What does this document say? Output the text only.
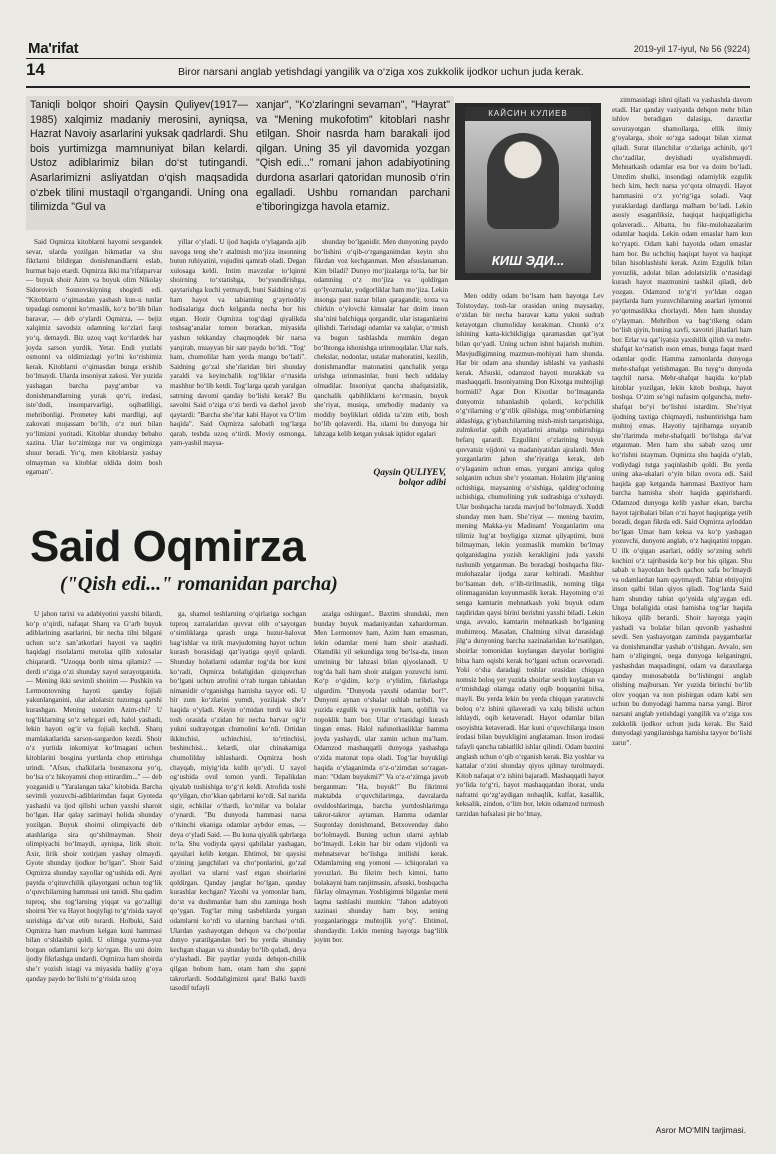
Ma'rifat	2019-yil 17-iyul, № 56 (9224)
14	Biror narsani anglab yetishdagi yangilik va o‘ziga xos zukkolik ijodkor uchun juda kerak.
Taniqli bolqor shoiri Qaysin Quliyev(1917—1985) xalqimiz madaniy merosini, ayniqsa, Hazrat Navoiy asarlarini yuksak qadrlardi. Shu bois yurtimizga mamnuniyat bilan kelardi. Ustoz adiblarimiz bilan do‘st tutingandi. Asarlarimizni asliyatdan o‘qish maqsadida o‘zbek tilini mustaqil o‘rgangandi. Uning ona tilimizda "Gul va
xanjar", "Ko‘zlaringni sevaman", "Hayrat" va "Mening mukofotim" kitoblari nashr etilgan. Shoir nasrda ham barakali ijod qilgan. Uning 35 yil davomida yozgan "Qish edi..." romani jahon adabiyotining durdona asarlari qatoridan munosib o‘rin egalladi. Ushbu romandan parchani e’tiboringizga havola etamiz.
КАЙСИН КУЛИЕВ
КИШ ЭДИ...

Said Oqmirza kitoblarni hayotni sevgandek sevar, ularda yozilgan hikmatlar va shu fikrlarni bildirgan donishmandlarni eslab, hurmat bajo etardi. Oqmirza ikki ma’rifatparvar — buyuk shoir Azim va buyuk olim Nikolay Sidorovich Sosnovskiyning shogirdi edi. "Kitoblarni o‘qimasdan yashash kun-u tunlar tepadagi osmonni ko‘rmaslik, ko‘z bo‘lib bilan baravar, — deb o‘ylardi Oqmirza, — bejiz xalqimiz savodsiz odamning ko‘zlari farqi yo‘q, demaydi. Biz uzoq vaqt ko‘rlardek har joyda sarson yurdik. Yetar. Endi yuzlabi osmonni va oldimizdagi yo‘lni ko‘rishimiz kerak. Kitoblarni o‘qimasdan bunga erishib bo‘lmaydi. Ularda insoniyat zakosi. Yer yuzida yashagan barcha payg‘ambar va donishmandlarning yurak qo‘ri, iredasi, iste’dodi, insonparvarligi, oqibatliligi, mehribonligi. Prometey kabi mardligi, aql zakovati mujassam bo‘lib, o‘z nuri bilan yo‘limizni yoritadi. Kitoblar shunday bebaho xazina. Ular ko‘zimizga nur va ongimizga shuur beradi. Yo‘q, men kitoblarsiz yashay olmayman va kitoblar oldida doim bosh egaman".

yillar o‘yladi. U ijod haqida o‘ylaganda ajib navoga teng she’r atalmish mo‘jiza insonning butun ruhiyatini, vujudini qamrab oladi. Degan xulosaga keldi. Intim mavzular to‘lqinni shoirning to‘xtatishga, bo‘ysundirishga, qaytarishga kuchi yetmaydi, buni Saidning o‘zi ham hayot va tabiatning g‘ayrioddiy hodisalariga duch kelganda necha bor his etgan. Hozir Oqmirza tog‘dagi qiyalikda toshsag‘analar tomon borarkan, miyasida yashun tekkanday chaqmoqdek bir narsa yarqirab, muayyan bir satr paydo bo‘ldi. "Tog‘ ham, chumolilar ham yerda mangu bo‘ladi". Saidning go‘zal she’rlaridan biri shunday yaraldi va keyinchalik tog‘liklar o‘rtasida mashhur bo‘lib ketdi. Tog‘larga qarab yaralgan satrning davomi qanday bo‘lishi kerak? Bu savolni Said o‘ziga o‘zi berdi va darhol javob qaytardi: "Barcha she’rlar kabi Hayot va O‘lim haqida". Said Oqmirza salobatli tog‘larga qarab, teshda uzoq o‘tirdi. Moviy osmonga, yam-yashil maysa-

shunday bo‘lganidir. Men dunyoning paydo bo‘lishini o‘qib-o‘rganganimdan keyin shu fikrdan voz kechganman. Men afsuslanaman. Kim biladi? Dunyo mo‘jizalarga to‘la, har bir odamning o‘z mo‘jiza va qoldirgan qo‘lyozmalar, yodgorliklar ham mo‘jiza. Lekin insonga past nazar bilan qaragandir, toxta va chirkin o‘ylovchi kimsalar har doim inson sha’nini balchiqqa qorgandir, ular istaganlarini qilishdi. Tarixdagi odamlar va xalqlar, o‘tmish va bugun tashlashda mumkin degan bo‘lhtonga ishonishga urinmoqdalar. Ular nafs, chekslar, nodonlar, ustalar mahoratini, kezilib, donishmandlar matonatini qanchalik yerga urishga urinmasinlar, buni hech uddalay olmadilar. Insoniyat qancha shafqatsizlik, qanchalik qabihliklarni ko‘rmasin, buyuk she’riyat, musiqa, umrbodiy madaniy va moddiy boyliklari oldida ta’zim etib, bosh bo‘lib qolaverdi. Ha, ularni bu dunyoga bir lahzaga kelib ketgan yuksak iqtidor egalari

Qaysin QULIYEV,
bolqor adibi
Said Oqmirza
("Qish edi..." romanidan parcha)

U jahon tarixi va adabiyotini yaxshi bilardi, ko‘p o‘qirdi, nafaqat Sharq va G‘arb buyuk adiblarining asarlarini, bir necha tilni bilgani uchun so‘z san’atkorlari hayoti va taqdiri haqidagi risolalarni mutolaa qilib xulosalar chiqarardi. "Uzoqqa borib nima qilamiz? — derdi o‘ziga o‘zi shunday xayol surayotganida. — Mening ikki sevimli shoirim — Pushkin va Lermontovning hayoti qanday fojiali yakunlanganini, ular adolatsiz tuzumga qarshi kurashgan. Mening ustozim Azim-chi? U tog‘liklarning so‘z sehrgari edi, halol yashadi, lekin hayoti og‘ir va fojiali kechdi. Sharq mamlakatlarida sarson-sargardon kezdi. Shoir o‘z yurtida inkomiyat ko‘lmagani uchun kitoblarini bosgina yurtlarda chop ettirishga urindi. "Afsus, chalkilarla bosmaxona yo‘q, bo‘lsa o‘z hikoyamni chop ettirardim..." — deb yozganidi u "Yaralangan taka" kitobida. Barcha sevimli yozuvchi-adiblarimdan faqat Gyoteda yashashi va ijod qilishi uchun yaxshi sharoit bo‘lgan. Har qalay sarimayi holida shunday yozilgan. Buyuk shoirni olimpiyachi deb atashlariga sira qo‘shilmayman. Shoir olimpiyachi bo‘lmaydi, ayniqsa, lirik shoir. Axir, lirik shoir xotirjam yashay olmaydi. Gyote shunday ijodkor bo‘lgan". Shoir Said Oqmirza shunday xayollar og‘ushida edi. Ayni paytda o‘qituvchilik qilayotgani uchun tog‘lik o‘quvchilarning hammasi uni tanidi. Shu qadim tuproq, shu tog‘larning yiqqat va go‘zalligi shoirni Yer va Hayot hoqiyligi to‘g‘risida xayol surishiga da’vat etib turardi. Holbuki, Said Oqmirza ham mavhum kelgan kuni hammasi bilan o‘shlashib qoldi. U olimga yuzma-yuz borgan odamlarni ko‘p ko‘rgan. Bu uni doim ijodiy fikrlashga undardi. Oqmirza ham shoirda she’r yozish istagi va miyasida badiiy g‘oya qanday paydo bo‘lishi to‘g‘risida uzoq

ga, shamol teshlarning o‘qirlariga sochgan tuproq zarralaridan quvvat olib o‘sayotgan o‘simliklarga qarash unga huzur-halovat bag‘ishlar va tirik mavjudotning hayot uchun kurash borasidagi qat’iyatiga qoyil qolardi. Shunday holatlarni odamlar tog‘da bor kuni ko‘radi, Oqmirza bolaligidan qiziquvchan bo‘lgani uchun atrofini o‘rab turgan tabiatdan nimanidir o‘rganishga hamisha tayyor edi. U bir zum ko‘zlarini yumdi, yozilajak she’r haqida o‘yladi. Keyin o‘rnidan turdi va ikki tosh orasida o‘zidan bir necha barvar og‘ir yukni sudrayotgan chumolini ko‘rdi. Ortidan ikkinchisi, uchinchisi, to‘rtinchisi, beshinchisi... kelardi, ular chinakamiga chumolilday ishlashardi. Oqmirza bosh chayqab, miyig‘ida kulib qo‘ydi. U xayol og‘ushida ovul tomon yurdi. Tepalikdan qiyalab tushishiga to‘g‘ri keldi. Atrofida toshi qo‘yilgan, cho‘kkan qabrlarni ko‘rdi. Sal narida sigir, echkilar o‘tlardi, ko‘milar va bolalar o‘ynardi. "Bu dunyoda hammasi narsa o‘tkinchi ekaniga odamlar aybdor emas, — deya o‘yladi Said. — Bu kuna qiyalik qabrlarga to‘la. Shu vodiyda qaysi qabilalar yashagan, qaysilari kelib ketgan. Ehtimol, bir qaysisi o‘zining jangchilari va cho‘ponlarini, go‘zal ayollari va ularni vasf etgan shoirlarini qoldirgan. Qanday janglar bo‘lgan, qanday kurashlar kechgan? Yaxshi va yomonlar ham, do‘st va dushmanlar ham shu zaminga bosh qo‘ygan. Tog‘lar ming tasbehlarda yurgan odamlarni ko‘rdi va ularning barchasi o‘tdi. Ulardan yashayotgan dehqon va cho‘ponlar dunyo yaratilgandan beri bu yerda shunday kechgan shagan va shunday bo‘lib qoladi, deya o‘ylashadi. Bir paytlar yuzda dehqon-chilik qilgan bobom ham, otam ham shu gapni takrorlardi. Soddaligimizni qara! Balki baxtli tasodif tufayli

azalga oshirgan!.. Baxtim shundaki, men bunday buyuk madaniyatdan xabardorman. Men Lermontov ham, Azim ham emasman, lekin odamlar meni ham shoir atashadi. Olamdiki yil sekundiga teng bo‘lsa-da, inson umrining bir lahzasi bilan qiyoslanadi. U tog‘da hali ham shoir atalgan yozuvchi ismi. Ko‘p o‘qidim, ko‘p o‘ylidim, fikrlashga ulgurdim. "Dunyoda yaxshi odamlar bor!". Dunyoni aynan o‘shalar ushlab turibdi. Yer yuzida ezgulik va yovuzlik ham, qoliflik va nopoklik ham bor. Ular o‘rtasidagi kurash tingan emas. Halol nafsnotkasliklar hamma joyda yashaydi, ular zamin uchun ma’ham. Odamzod mashaqqatli dunyoga yashashga o‘zida matonat topa oladi. Tog‘lar buyukligi haqida o‘ylaganimda o‘z-o‘zimdan so‘ragan-man: "Odam buyukmi?" Va o‘z-o‘zimga javob berganman: "Ha, buyuk!" Bu fikrimni maktabda o‘quvchilarimga, davralarda ovuldoshlarimga, barcha yurtdoshlarimga takror-takror aytaman. Hamma odamlar Suqrotday donishmand, Betxovenday daho bo‘lolmaydi. Buning uchun ularni ayblab bo‘lmaydi. Lekin har bir odam vijdonli va mehnatsevar bo‘lishga intilishi kerak. Odamlarning eng yomoni — ichiqoralari va yovuzlari. Bu fikrim hech kimni, hatto bolakayni ham ranjitmasin, afsuski, boshqacha fikrlay olmayman. Yoshligimni bilganlar meni laqma tashlashi mumkin: "Jahon adabiyoti xazinasi shunday ham boy, sening yozganlaringga muhtojlik yo‘q". Ehtimol, shundaydir. Lekin mening hayotga bag‘lilik joyim bor.

Men oddiy odam bo‘lsam ham hayotga Lev Tolstoyday, tosh-lar orasidan uning maysaday, o‘zidan bir necha baravar katta yukni sudrab ketayotgan chumoliday kerakman. Chunki o‘z ishining katta-kichikligiga qaramasdan qat’iyat bilan qo‘yadi. Uning uchun ishni bajarish muhim. Mavjudligimning mazmun-mohiyati ham shunda. Har bir odam ana shunday ishlashi va yashashi kerak. Afsuski, odamzod hayoti murakkab va mashaqqatli. Insoniyatning Don Kixotga muhtojligi bormidi? Agar Don Kixotlar bo‘lmaganda dunyomiz tubanlashib qolardi, ko‘pchilik o‘g‘rilarning o‘g‘rilik qilishiga, mug‘ombirlarning aldashiga, g‘iybatchilarning mish-mish tarqatishiga, zulmkorlar qabih niyatlarini amalga oshirishiga befarq qarardi. Ezgulikni o‘zlarining buyuk quvvatsiz vijdoni va madaniyatidan ajralardi. Men yozganlarim jahon she’riyatiga kerak, deb o‘ylaganim uchun emas, yurgani amriga qulog solganim uchun she’r yozaman. Holatim jilg‘aning ochishiga, maysaning o‘sishiga, qaldirg‘ochning uchishiga, chumolining yuk sudrashiga o‘xshaydi. Ular boshqacha tarzda mavjud bo‘lolmaydi. Xuddi shunday men ham. She’riyat — mening baxtim, mening Makka-yu Madinam! Yozganlarim ona tilimiz lug‘at boyligiga xizmat qilyaptimi, buni bilmayman, lekin yozmaslik mumkin bo‘lmay qolganidagina yozish kerakligini juda yaxshi tushunib yetganman. Bu boradagi boshqacha fikr-mulohazalar ijodga zarar keltiradi. Mashhur bo‘lsaman deb, o‘lib-tirilmaslik, noming tilga olinmaganidan kuyunmaslik kerak. Hayotning o‘zi senga kamtarin mehnatkash yoki buyuk odam taqdiridan qaysi birini berishni yaxshi biladi. Lekin unga, avvalo, kamtarin mehnatkash bo‘lganing muhimroq. Masalan, Chaltning xilvat darasidagi jilg‘a dunyoning barcha xazinalaridan ko‘rsatilgan, shoirlar tomonidan kuylangan daryolar borligini bilsa ham oqishi kerak bo‘lgani uchun ocavveradi. Yoki o‘sha daradagi toshlar orasidan chiqqan nomsiz boloq yer yuzida shoirlar sevib kuylagan va o‘tmishdagi olamga odatiy oqib boqqanini bilsa, mayli. Bu yerda lekin bu yerda chiqqan yaratuvchi boloq o‘z ishini qilaveradi va xalq bilishi uchun ishlaydi, oqib ketaveradi. Hayot odamlar bilan osoyishta ketaveradi. Har kuni o‘quvchilarga inson irodasi bilan buyukligini anglataman. Inson irodasi tafayli qancha tabiatlikl ishlar qilindi. Odam baxtini anglash uchun o‘qib o‘rganish kerak. Biz yoshlar va kattalar o‘zini shunday qiyos qilmay turolmaydi. Kitob nafaqat o‘z ishini bajaradi. Mashaqqatli hayot yo‘lida to‘g‘ri, hayot mashaqqatdan iborat, unda nafratni qo‘zg‘aydigan nohaqlik, kulfat, kasallik, keksalik, zindon, o‘lim bor, lekin odamzod turmush tarzidan hafsalasi pir bo‘lmay,

zimmasidagi ishni qiladi va yashashda davom etadi. Har qanday vaziyatda dehqon mehr bilan ishlov beradigan dalasiga, daraxtlar sovurayotgan shamollarga, ellik ilmiy g‘oyalarga, shoir so‘zga sadoqat bilan xizmat qiladi. Surat tilanchilar o‘zlariga achinib, qo‘l cho‘zadilar, deyishadi uyalishmaydi. Mehnatkash odamlar esa bor va doim bo‘ladi. Umrdim shulki, insondagi odamiylik ezgulik hech kim, hech narsa yo‘qota olmaydi. Hayot hammasini o‘z yo‘rig‘iga soladi. Vaqt yuraklardagi dardlarga malham bo‘ladi. Lekin asosiy esaganliksiz, haqiqat haqiqatligicha qolaveradi... Albatta, bu fikr-mulohazalarim odamlar haqida. Lekin odam emaslar ham kun ko‘ryapti. Odam kabi hayotda odam emaslar ham bor. Bu uchchiq haqiqat hayot va haqiqat bilan hisoblashishi kerak. Azim Ezgulik bilan yovuzlik, adolat bilan adolatsizlik o‘rtasidagi kurash hayot mazmunini tashkil qiladi, deb yozgan. Odamzod to‘g‘ri yo‘ldan ozgan paytlarda ham yozuvchilarning asarlari iymonni yo‘qotmaslikka chorlaydi. Men ham shunday o‘ylayman. Mehribon va bag‘rikeng odam bo‘lish qiyin, buning xavfi, xavotiri jihatlari ham bor. Erlar va qat’iyatsiz yaxshilik qilish va mehr-shafqat ko‘rsatish oson emas, bunga faqat mard odamlar qodir. Hamma zamonlarda dunyoga mehr-shafqat yetishmagan. Bu tuyg‘u dunyoda taqchil narsa. Mehr-shafqat haqida ko‘plab kitoblar yozilgan, lekin kitob boshqa, hayot boshqa. O‘zim se’ngi nafasim qolguncha, mehr-shafqat bo‘yi bo‘lishni istardim. She’riyat ijodning taxtiga chiqmaydi, tushuntirishga ham muhtoj emas. Hayotiy tajribamga suyanib she’rlarimda mehr-shafqatli bo‘lishga da’vat etganman. Men ham shu sabab uzoq umr ko‘rishni istayman. Oqmirza shu haqida o‘ylab, vodiydagi tutga yaqinlashib qoldi. Bu yerda uning aka-ukalari o‘yin bilan ovora edi. Said haqida gap ketganda hammasi Baxtiyor ham barcha hamisha shoir haqida gapirishardi. Odamzod dunyoga kelib yashar ekan, barcha hayot tajribalari bilan o‘zi hayot haqiqatiga yetib boradi, degan fikrda edi. Said Oqmirza ayloddan bo‘lgan Umar ham keksa va ko‘p yashagan yozuvchi, dunyoni anglab, o‘z haqiqatini topgan. U ilk o‘qigan asarlari, oddiy so‘zning sehrli kuchini o‘z tajribasida ko‘p bor his qilgan. Shu sabab u hayotdan hech qachon xafa bo‘lmaydi va odamlardan ham qaytmaydi. Tabiat ehtiyojini inson qalbi bilan qiyos qiladi. Tog‘larda Said ham shunday tabiat qo‘ynida ulg‘aygan edi. Unga bolaligida otasi hamisha tog‘lar haqida hikoya qilib berardi. Shoir hayotga yaqin yashadi va bolalar bilan quvonib yashashni sevdi. Sen yashayotgan zaminda paygambarlar va donishmandlar yashab o‘tishgan. Avvalo, sen ham o‘zligingni, nega dunyoga kelganingni, yashashdan maqsadingni, odam va daraxtlarga qanday munosabatda bo‘lishingni anglab olishing majbursan. Yer yuzida birinchi bo‘lib olov yoqqan va non pishirgan odam kabi sen uchun bu dunyodagi hamma narsa yangi. Biror narsani anglab yetishdagi yangilik va o‘ziga xos zukkolik ijodkor uchun juda kerak. Bu Said dunyodagi yangilanishga hamisha tayyor bo‘lishi zarur".

Asror MO‘MIN tarjimasi.
